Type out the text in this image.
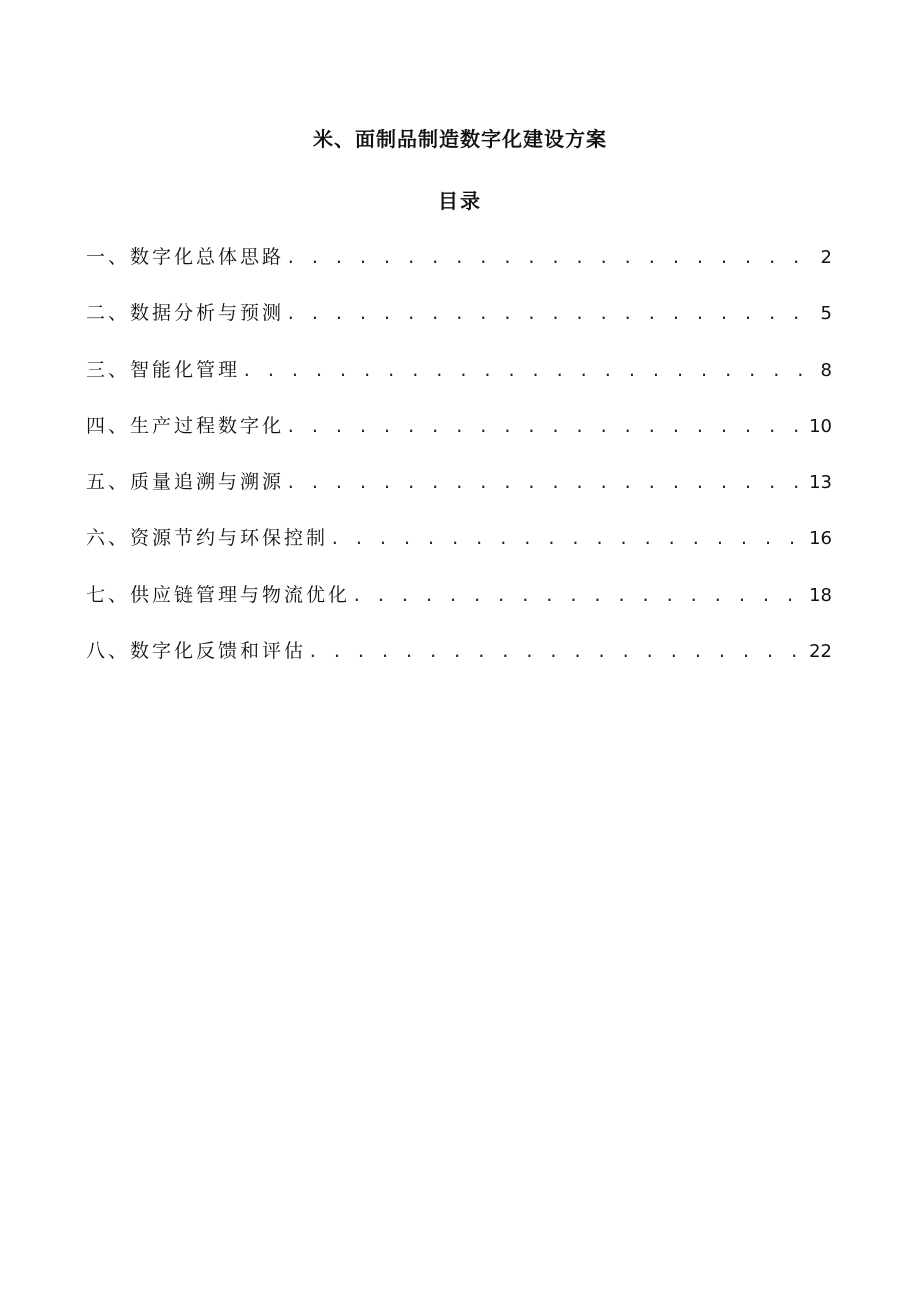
米、面制品制造数字化建设方案
目录
一、数字化总体思路 . . .	2
二、数据分析与预测 . . .	5
三、智能化管理 . . .	8
四、生产过程数字化 . . .	10
五、质量追溯与溯源 . . .	13
六、资源节约与环保控制 . . .	16
七、供应链管理与物流优化 . . .	18
八、数字化反馈和评估 . . .	22
